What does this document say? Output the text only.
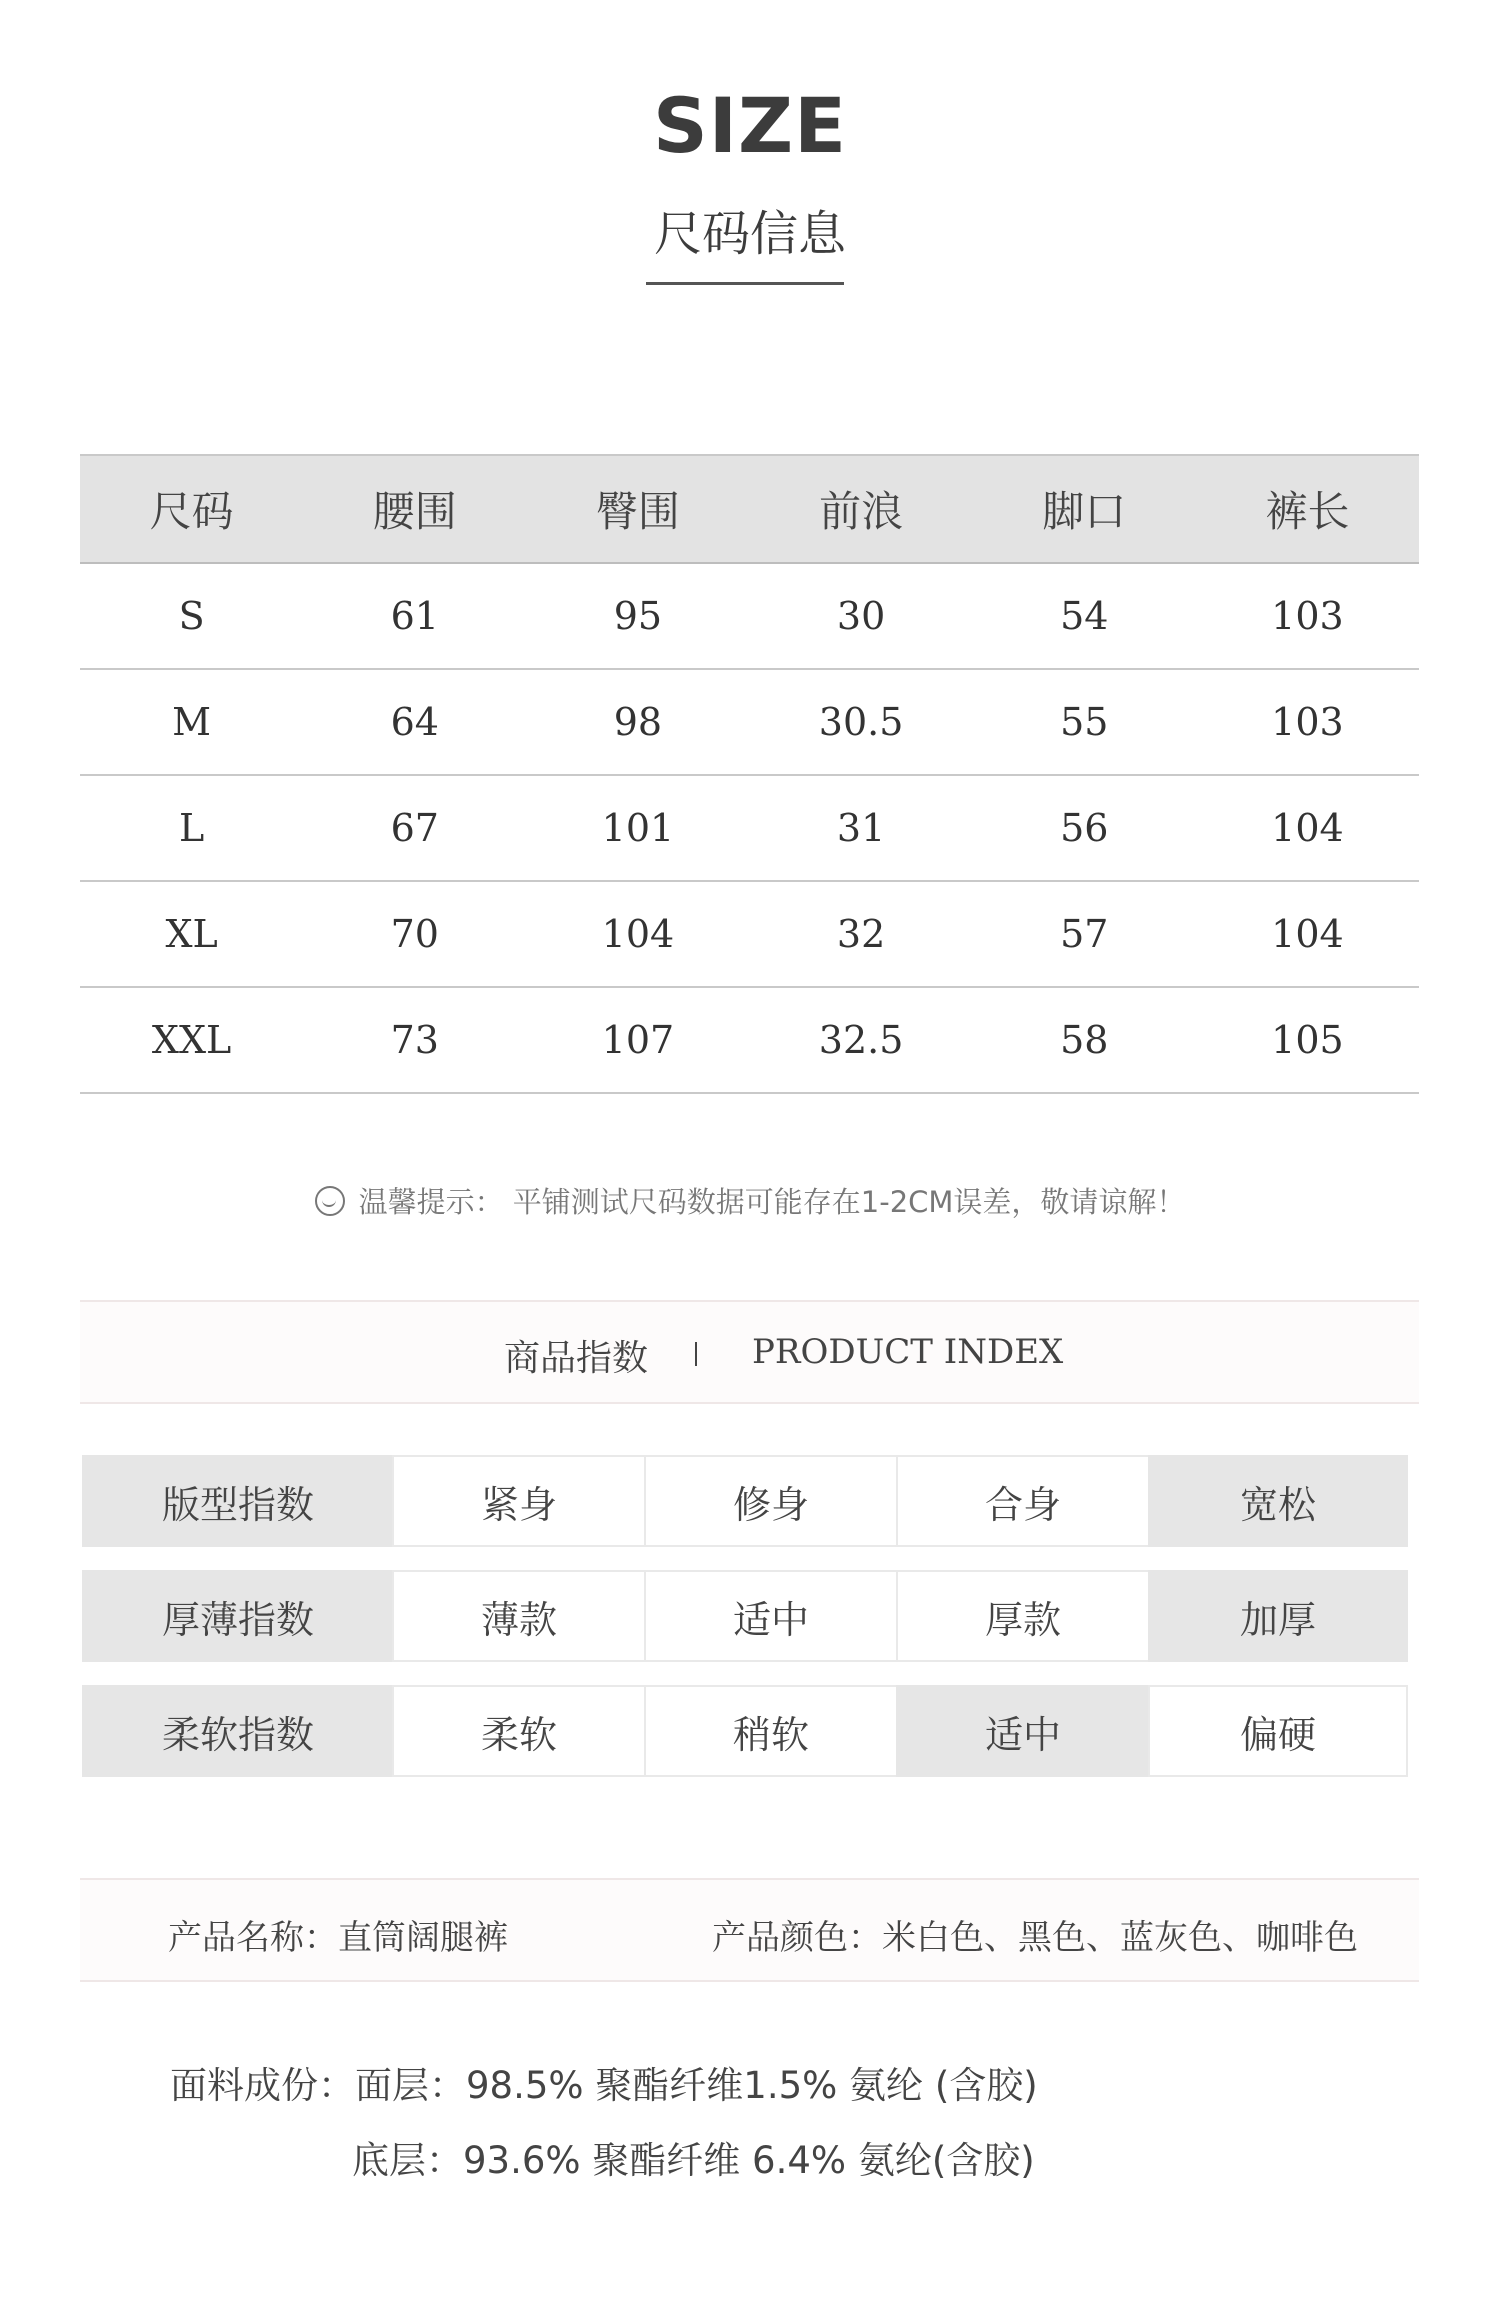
SIZE
尺码信息
尺码	腰围	臀围	前浪	脚口	裤长
S	61	95	30	54	103
M	64	98	30.5	55	103
L	67	101	31	56	104
XL	70	104	32	57	104
XXL	73	107	32.5	58	105
温馨提示： 平铺测试尺码数据可能存在1-2CM误差，敬请谅解！
商品指数	PRODUCT INDEX
版型指数	紧身	修身	合身	宽松
厚薄指数	薄款	适中	厚款	加厚
柔软指数	柔软	稍软	适中	偏硬
产品名称：直筒阔腿裤	产品颜色：米白色、黑色、蓝灰色、咖啡色
面料成份：面层：98.5% 聚酯纤维1.5% 氨纶 (含胶)
底层：93.6% 聚酯纤维 6.4% 氨纶(含胶)
